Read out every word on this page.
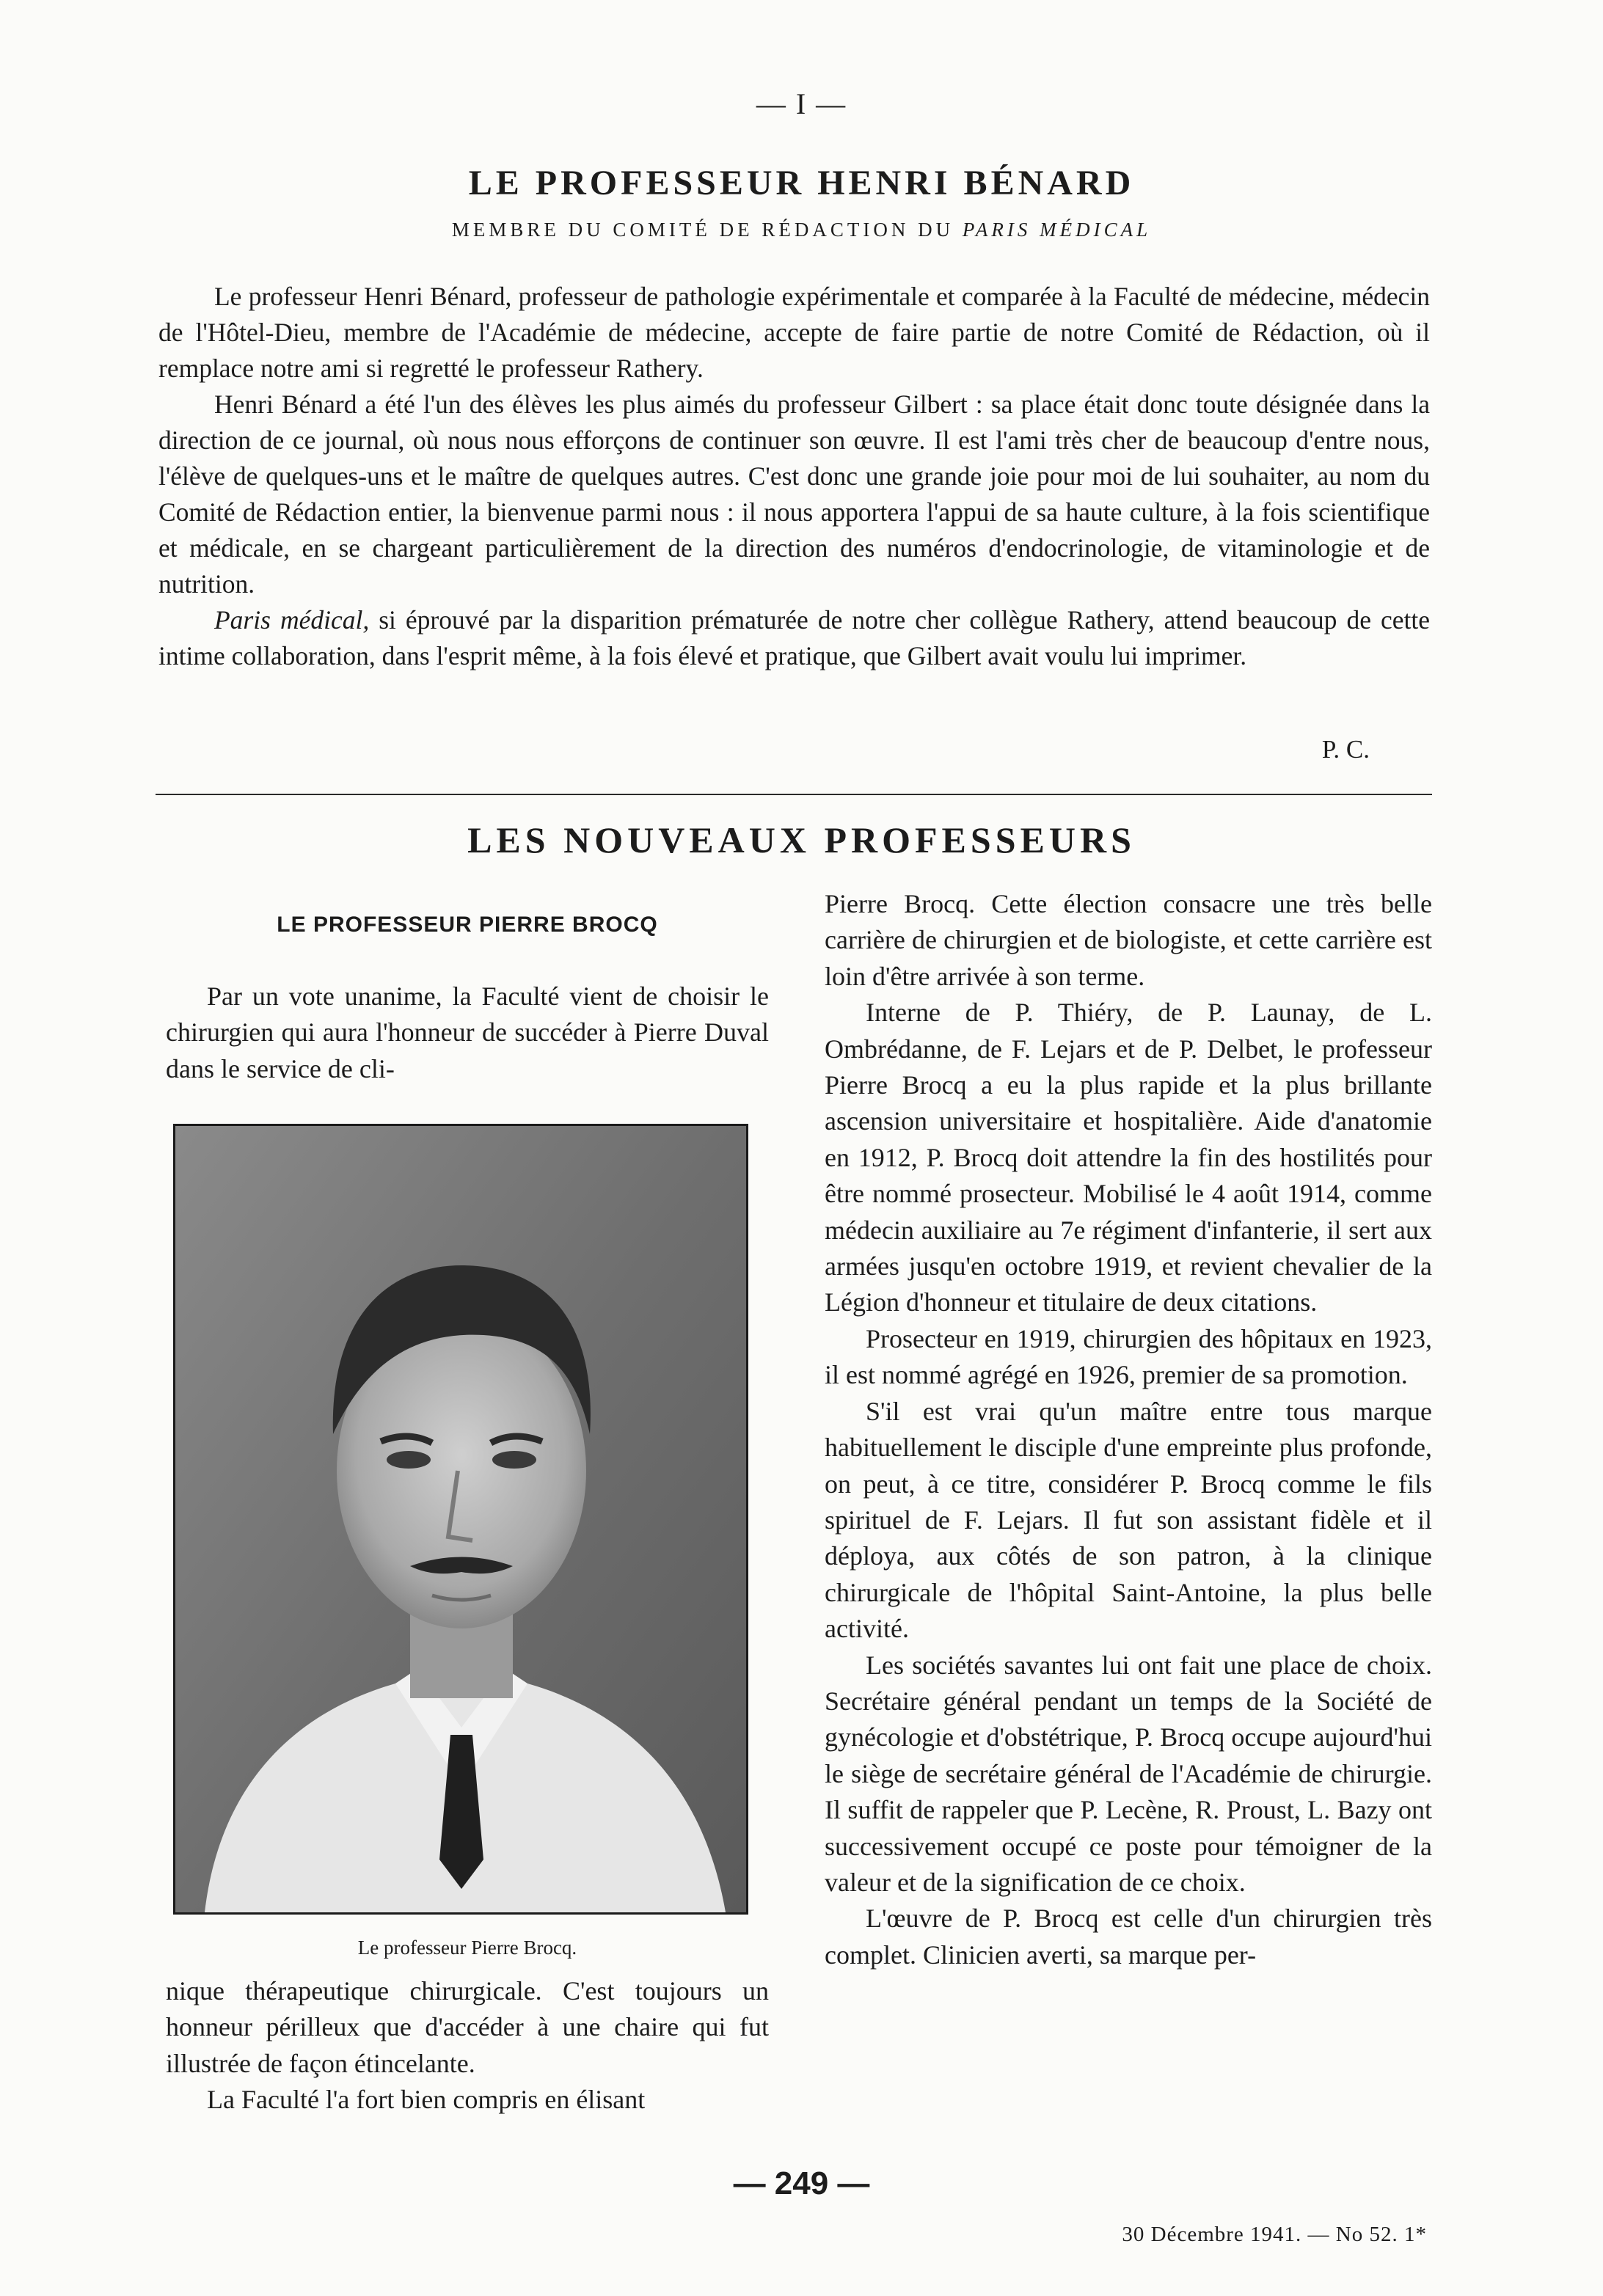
— I —
LE PROFESSEUR HENRI BÉNARD
MEMBRE DU COMITÉ DE RÉDACTION DU PARIS MÉDICAL

Le professeur Henri Bénard, professeur de pathologie expérimentale et comparée à la Faculté de médecine, médecin de l'Hôtel-Dieu, membre de l'Académie de médecine, accepte de faire partie de notre Comité de Rédaction, où il remplace notre ami si regretté le professeur Rathery.

Henri Bénard a été l'un des élèves les plus aimés du professeur Gilbert : sa place était donc toute désignée dans la direction de ce journal, où nous nous efforçons de continuer son œuvre. Il est l'ami très cher de beaucoup d'entre nous, l'élève de quelques-uns et le maître de quelques autres. C'est donc une grande joie pour moi de lui souhaiter, au nom du Comité de Rédaction entier, la bienvenue parmi nous : il nous apportera l'appui de sa haute culture, à la fois scientifique et médicale, en se chargeant particulièrement de la direction des numéros d'endocrinologie, de vitaminologie et de nutrition.

Paris médical, si éprouvé par la disparition prématurée de notre cher collègue Rathery, attend beaucoup de cette intime collaboration, dans l'esprit même, à la fois élevé et pratique, que Gilbert avait voulu lui imprimer.

P. C.
LES NOUVEAUX PROFESSEURS
LE PROFESSEUR PIERRE BROCQ

Par un vote unanime, la Faculté vient de choisir le chirurgien qui aura l'honneur de succéder à Pierre Duval dans le service de cli-

Le professeur Pierre Brocq.

nique thérapeutique chirurgicale. C'est toujours un honneur périlleux que d'accéder à une chaire qui fut illustrée de façon étincelante.

La Faculté l'a fort bien compris en élisant

Pierre Brocq. Cette élection consacre une très belle carrière de chirurgien et de biologiste, et cette carrière est loin d'être arrivée à son terme.

Interne de P. Thiéry, de P. Launay, de L. Ombrédanne, de F. Lejars et de P. Delbet, le professeur Pierre Brocq a eu la plus rapide et la plus brillante ascension universitaire et hospitalière. Aide d'anatomie en 1912, P. Brocq doit attendre la fin des hostilités pour être nommé prosecteur. Mobilisé le 4 août 1914, comme médecin auxiliaire au 7e régiment d'infanterie, il sert aux armées jusqu'en octobre 1919, et revient chevalier de la Légion d'honneur et titulaire de deux citations.

Prosecteur en 1919, chirurgien des hôpitaux en 1923, il est nommé agrégé en 1926, premier de sa promotion.

S'il est vrai qu'un maître entre tous marque habituellement le disciple d'une empreinte plus profonde, on peut, à ce titre, considérer P. Brocq comme le fils spirituel de F. Lejars. Il fut son assistant fidèle et il déploya, aux côtés de son patron, à la clinique chirurgicale de l'hôpital Saint-Antoine, la plus belle activité.

Les sociétés savantes lui ont fait une place de choix. Secrétaire général pendant un temps de la Société de gynécologie et d'obstétrique, P. Brocq occupe aujourd'hui le siège de secrétaire général de l'Académie de chirurgie. Il suffit de rappeler que P. Lecène, R. Proust, L. Bazy ont successivement occupé ce poste pour témoigner de la valeur et de la signification de ce choix.

L'œuvre de P. Brocq est celle d'un chirurgien très complet. Clinicien averti, sa marque per-

— 249 —
30 Décembre 1941. — No 52. 1*
